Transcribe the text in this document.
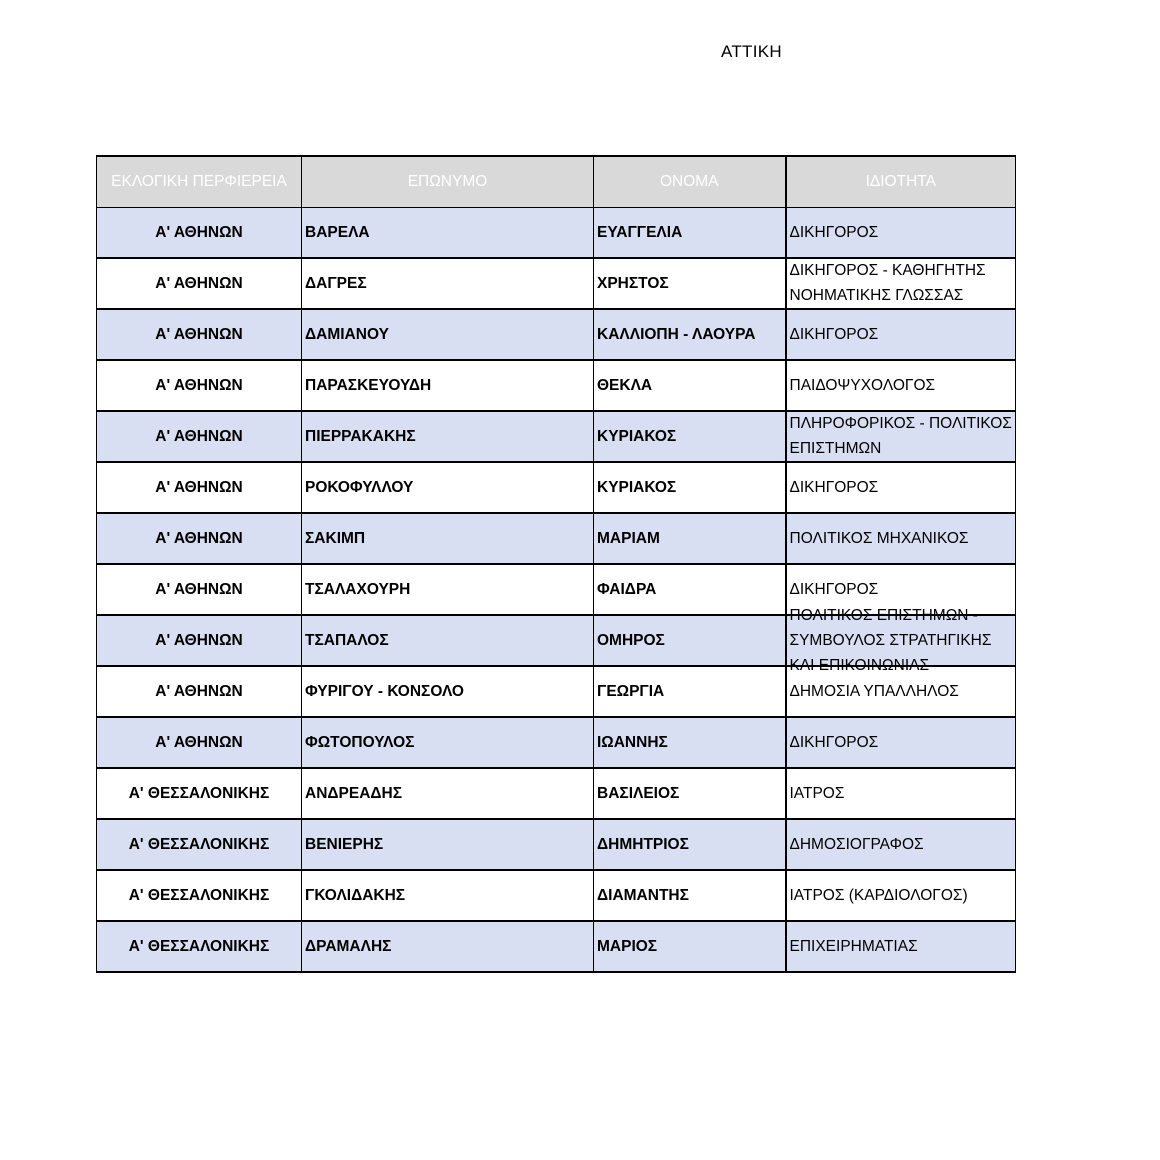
ΑΤΤΙΚΗ
ΕΚΛΟΓΙΚΗ ΠΕΡΦΙΕΡΕΙΑ	ΕΠΩΝΥΜΟ	ΟΝΟΜΑ	ΙΔΙΟΤΗΤΑ
Α' ΑΘΗΝΩΝ	ΒΑΡΕΛΑ	ΕΥΑΓΓΕΛΙΑ	ΔΙΚΗΓΟΡΟΣ

Α' ΑΘΗΝΩΝ	ΔΑΓΡΕΣ	ΧΡΗΣΤΟΣ	ΔΙΚΗΓΟΡΟΣ - ΚΑΘΗΓΗΤΗΣ ΝΟΗΜΑΤΙΚΗΣ ΓΛΩΣΣΑΣ

Α' ΑΘΗΝΩΝ	ΔΑΜΙΑΝΟΥ	ΚΑΛΛΙΟΠΗ - ΛΑΟΥΡΑ	ΔΙΚΗΓΟΡΟΣ

Α' ΑΘΗΝΩΝ	ΠΑΡΑΣΚΕΥΟΥΔΗ	ΘΕΚΛΑ	ΠΑΙΔΟΨΥΧΟΛΟΓΟΣ

Α' ΑΘΗΝΩΝ	ΠΙΕΡΡΑΚΑΚΗΣ	ΚΥΡΙΑΚΟΣ	ΠΛΗΡΟΦΟΡΙΚΟΣ - ΠΟΛΙΤΙΚΟΣ ΕΠΙΣΤΗΜΩΝ

Α' ΑΘΗΝΩΝ	ΡΟΚΟΦΥΛΛΟΥ	ΚΥΡΙΑΚΟΣ	ΔΙΚΗΓΟΡΟΣ

Α' ΑΘΗΝΩΝ	ΣΑΚΙΜΠ	ΜΑΡΙΑΜ	ΠΟΛΙΤΙΚΟΣ ΜΗΧΑΝΙΚΟΣ

Α' ΑΘΗΝΩΝ	ΤΣΑΛΑΧΟΥΡΗ	ΦΑΙΔΡΑ	ΔΙΚΗΓΟΡΟΣ

Α' ΑΘΗΝΩΝ	ΤΣΑΠΑΛΟΣ	ΟΜΗΡΟΣ	ΠΟΛΙΤΙΚΟΣ ΕΠΙΣΤΗΜΩΝ - ΣΥΜΒΟΥΛΟΣ ΣΤΡΑΤΗΓΙΚΗΣ ΚΑΙ ΕΠΙΚΟΙΝΩΝΙΑΣ

Α' ΑΘΗΝΩΝ	ΦΥΡΙΓΟΥ - ΚΟΝΣΟΛΟ	ΓΕΩΡΓΙΑ	ΔΗΜΟΣΙΑ ΥΠΑΛΛΗΛΟΣ

Α' ΑΘΗΝΩΝ	ΦΩΤΟΠΟΥΛΟΣ	ΙΩΑΝΝΗΣ	ΔΙΚΗΓΟΡΟΣ

Α' ΘΕΣΣΑΛΟΝΙΚΗΣ	ΑΝΔΡΕΑΔΗΣ	ΒΑΣΙΛΕΙΟΣ	ΙΑΤΡΟΣ

Α' ΘΕΣΣΑΛΟΝΙΚΗΣ	ΒΕΝΙΕΡΗΣ	ΔΗΜΗΤΡΙΟΣ	ΔΗΜΟΣΙΟΓΡΑΦΟΣ

Α' ΘΕΣΣΑΛΟΝΙΚΗΣ	ΓΚΟΛΙΔΑΚΗΣ	ΔΙΑΜΑΝΤΗΣ	ΙΑΤΡΟΣ (ΚΑΡΔΙΟΛΟΓΟΣ)

Α' ΘΕΣΣΑΛΟΝΙΚΗΣ	ΔΡΑΜΑΛΗΣ	ΜΑΡΙΟΣ	ΕΠΙΧΕΙΡΗΜΑΤΙΑΣ
